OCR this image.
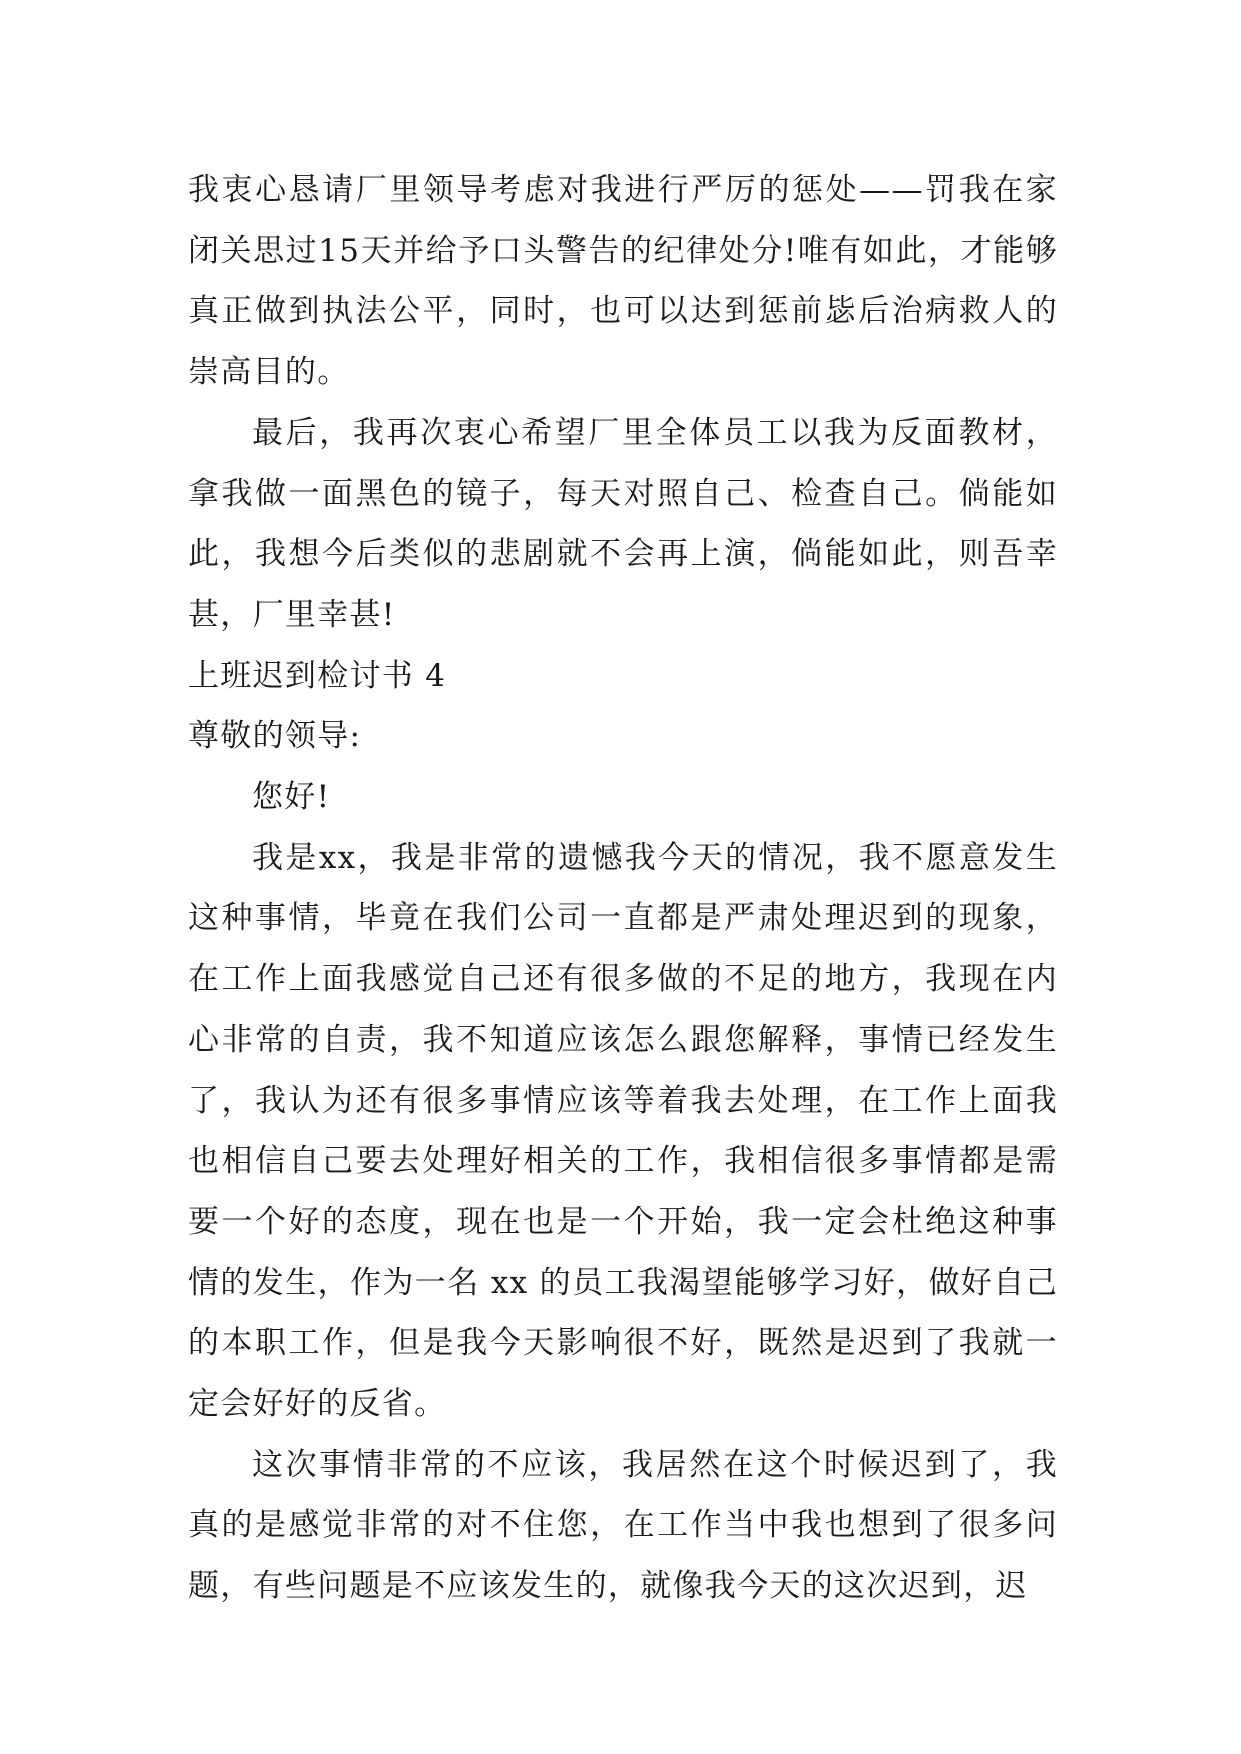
我衷心恳请厂里领导考虑对我进行严厉的惩处——罚我在家闭关思过15天并给予口头警告的纪律处分!唯有如此，才能够真正做到执法公平，同时，也可以达到惩前毖后治病救人的崇高目的。

最后，我再次衷心希望厂里全体员工以我为反面教材，拿我做一面黑色的镜子，每天对照自己、检查自己。倘能如此，我想今后类似的悲剧就不会再上演，倘能如此，则吾幸甚，厂里幸甚!

上班迟到检讨书 4

尊敬的领导:

您好!

我是xx，我是非常的遗憾我今天的情况，我不愿意发生这种事情，毕竟在我们公司一直都是严肃处理迟到的现象，在工作上面我感觉自己还有很多做的不足的地方，我现在内心非常的自责，我不知道应该怎么跟您解释，事情已经发生了，我认为还有很多事情应该等着我去处理，在工作上面我也相信自己要去处理好相关的工作，我相信很多事情都是需要一个好的态度，现在也是一个开始，我一定会杜绝这种事情的发生，作为一名 xx 的员工我渴望能够学习好，做好自己的本职工作，但是我今天影响很不好，既然是迟到了我就一定会好好的反省。

这次事情非常的不应该，我居然在这个时候迟到了，我真的是感觉非常的对不住您，在工作当中我也想到了很多问题，有些问题是不应该发生的，就像我今天的这次迟到，迟
